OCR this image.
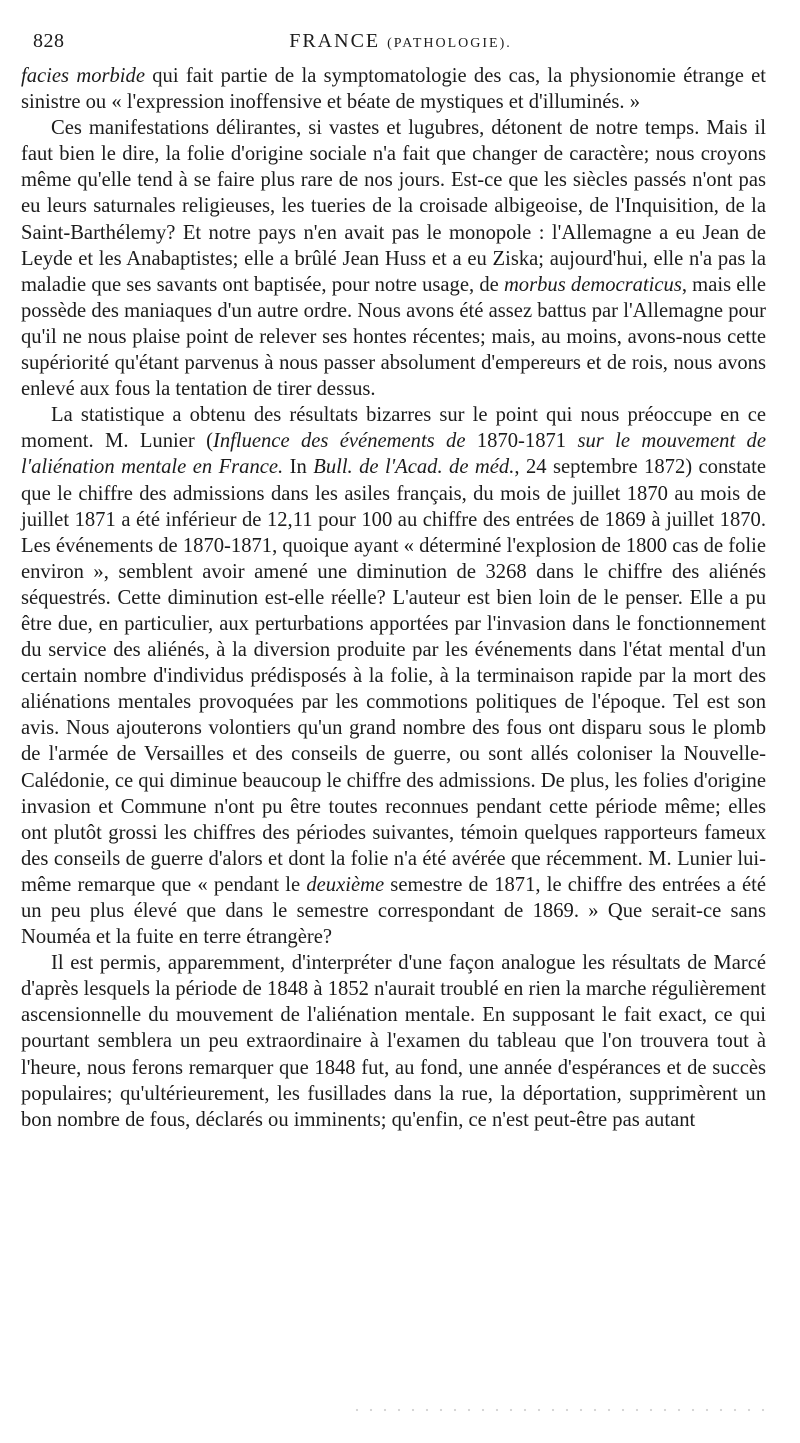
828	FRANCE (PATHOLOGIE).

facies morbide qui fait partie de la symptomatologie des cas, la physionomie étrange et sinistre ou « l'expression inoffensive et béate de mystiques et d'illuminés. »

Ces manifestations délirantes, si vastes et lugubres, détonent de notre temps. Mais il faut bien le dire, la folie d'origine sociale n'a fait que changer de caractère; nous croyons même qu'elle tend à se faire plus rare de nos jours. Est-ce que les siècles passés n'ont pas eu leurs saturnales religieuses, les tueries de la croisade albigeoise, de l'Inquisition, de la Saint-Barthélemy? Et notre pays n'en avait pas le monopole : l'Allemagne a eu Jean de Leyde et les Anabaptistes; elle a brûlé Jean Huss et a eu Ziska; aujourd'hui, elle n'a pas la maladie que ses savants ont baptisée, pour notre usage, de morbus democraticus, mais elle possède des maniaques d'un autre ordre. Nous avons été assez battus par l'Allemagne pour qu'il ne nous plaise point de relever ses hontes récentes; mais, au moins, avons-nous cette supériorité qu'étant parvenus à nous passer absolument d'empereurs et de rois, nous avons enlevé aux fous la tentation de tirer dessus.

La statistique a obtenu des résultats bizarres sur le point qui nous préoccupe en ce moment. M. Lunier (Influence des événements de 1870-1871 sur le mouvement de l'aliénation mentale en France. In Bull. de l'Acad. de méd., 24 septembre 1872) constate que le chiffre des admissions dans les asiles français, du mois de juillet 1870 au mois de juillet 1871 a été inférieur de 12,11 pour 100 au chiffre des entrées de 1869 à juillet 1870. Les événements de 1870-1871, quoique ayant « déterminé l'explosion de 1800 cas de folie environ », semblent avoir amené une diminution de 3268 dans le chiffre des aliénés séquestrés. Cette diminution est-elle réelle? L'auteur est bien loin de le penser. Elle a pu être due, en particulier, aux perturbations apportées par l'invasion dans le fonctionnement du service des aliénés, à la diversion produite par les événements dans l'état mental d'un certain nombre d'individus prédisposés à la folie, à la terminaison rapide par la mort des aliénations mentales provoquées par les commotions politiques de l'époque. Tel est son avis. Nous ajouterons volontiers qu'un grand nombre des fous ont disparu sous le plomb de l'armée de Versailles et des conseils de guerre, ou sont allés coloniser la Nouvelle-Calédonie, ce qui diminue beaucoup le chiffre des admissions. De plus, les folies d'origine invasion et Commune n'ont pu être toutes reconnues pendant cette période même; elles ont plutôt grossi les chiffres des périodes suivantes, témoin quelques rapporteurs fameux des conseils de guerre d'alors et dont la folie n'a été avérée que récemment. M. Lunier lui-même remarque que « pendant le deuxième semestre de 1871, le chiffre des entrées a été un peu plus élevé que dans le semestre correspondant de 1869. » Que serait-ce sans Nouméa et la fuite en terre étrangère?

Il est permis, apparemment, d'interpréter d'une façon analogue les résultats de Marcé d'après lesquels la période de 1848 à 1852 n'aurait troublé en rien la marche régulièrement ascensionnelle du mouvement de l'aliénation mentale. En supposant le fait exact, ce qui pourtant semblera un peu extraordinaire à l'examen du tableau que l'on trouvera tout à l'heure, nous ferons remarquer que 1848 fut, au fond, une année d'espérances et de succès populaires; qu'ultérieurement, les fusillades dans la rue, la déportation, supprimèrent un bon nombre de fous, déclarés ou imminents; qu'enfin, ce n'est peut-être pas autant
